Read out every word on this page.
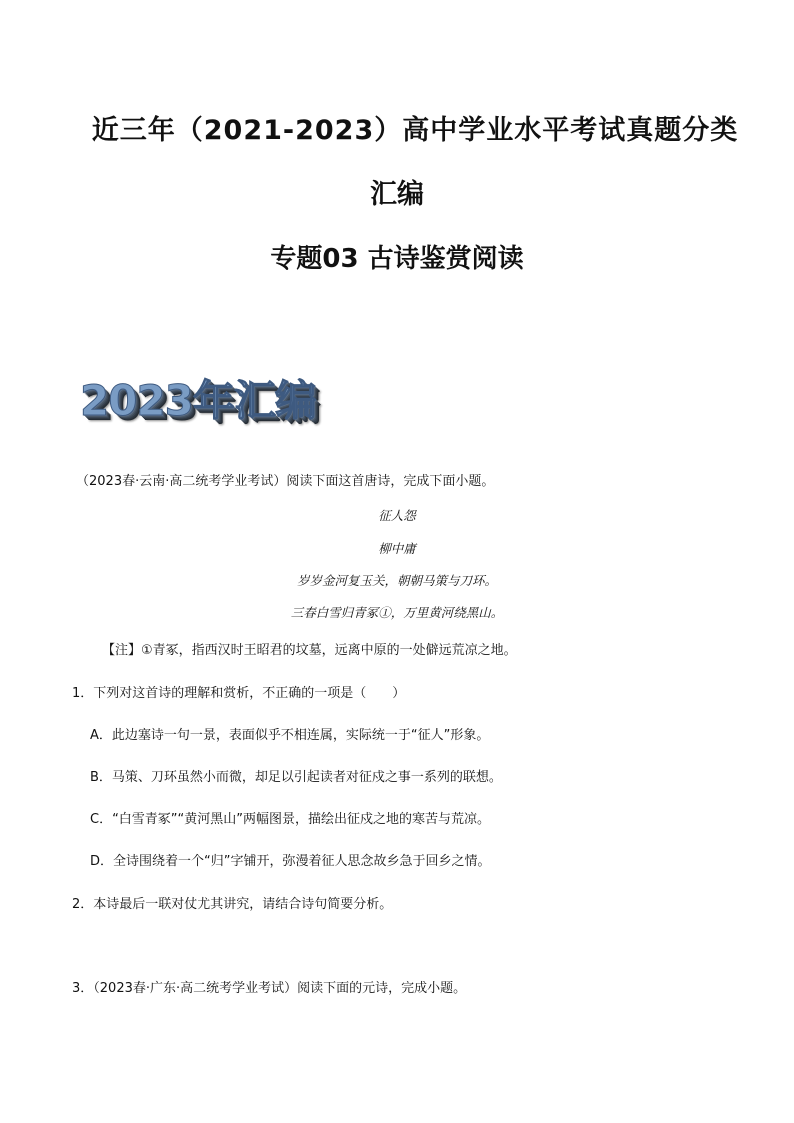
近三年（2021-2023）高中学业水平考试真题分类
汇编
专题03 古诗鉴赏阅读
2023年汇编
（2023春·云南·高二统考学业考试）阅读下面这首唐诗，完成下面小题。
征人怨
柳中庸
岁岁金河复玉关，朝朝马策与刀环。
三春白雪归青冢①，万里黄河绕黑山。
【注】①青冢，指西汉时王昭君的坟墓，远离中原的一处僻远荒凉之地。
1．下列对这首诗的理解和赏析，不正确的一项是（　　）
A．此边塞诗一句一景，表面似乎不相连属，实际统一于“征人”形象。
B．马策、刀环虽然小而微，却足以引起读者对征戍之事一系列的联想。
C．“白雪青冢”“黄河黑山”两幅图景，描绘出征戍之地的寒苦与荒凉。
D．全诗围绕着一个“归”字铺开，弥漫着征人思念故乡急于回乡之情。
2．本诗最后一联对仗尤其讲究，请结合诗句简要分析。
3．（2023春·广东·高二统考学业考试）阅读下面的元诗，完成小题。
